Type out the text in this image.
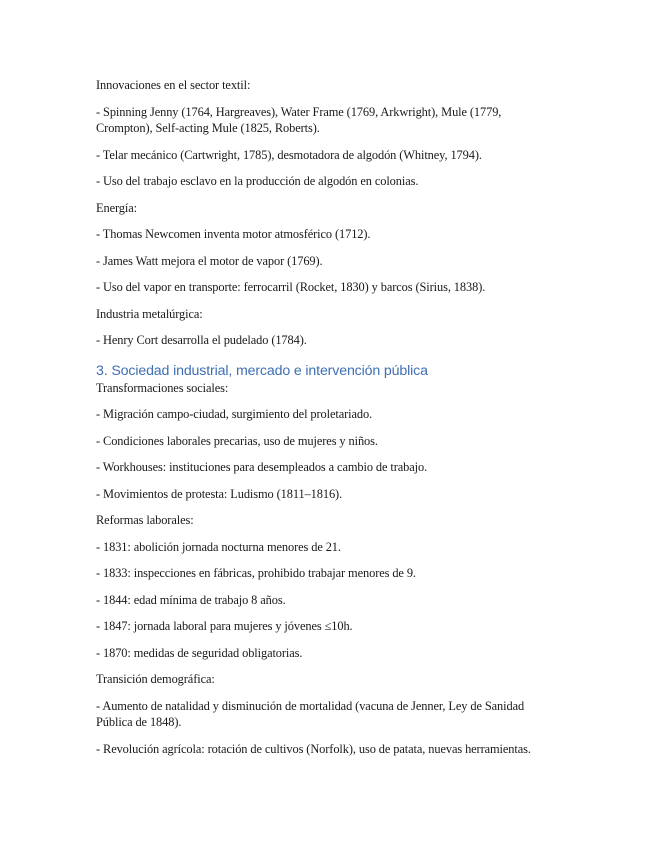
Innovaciones en el sector textil:

- Spinning Jenny (1764, Hargreaves), Water Frame (1769, Arkwright), Mule (1779, Crompton), Self-acting Mule (1825, Roberts).

- Telar mecánico (Cartwright, 1785), desmotadora de algodón (Whitney, 1794).

- Uso del trabajo esclavo en la producción de algodón en colonias.

Energía:

- Thomas Newcomen inventa motor atmosférico (1712).

- James Watt mejora el motor de vapor (1769).

- Uso del vapor en transporte: ferrocarril (Rocket, 1830) y barcos (Sirius, 1838).

Industria metalúrgica:

- Henry Cort desarrolla el pudelado (1784).

3. Sociedad industrial, mercado e intervención pública

Transformaciones sociales:

- Migración campo-ciudad, surgimiento del proletariado.

- Condiciones laborales precarias, uso de mujeres y niños.

- Workhouses: instituciones para desempleados a cambio de trabajo.

- Movimientos de protesta: Ludismo (1811–1816).

Reformas laborales:

- 1831: abolición jornada nocturna menores de 21.

- 1833: inspecciones en fábricas, prohibido trabajar menores de 9.

- 1844: edad mínima de trabajo 8 años.

- 1847: jornada laboral para mujeres y jóvenes ≤10h.

- 1870: medidas de seguridad obligatorias.

Transición demográfica:

- Aumento de natalidad y disminución de mortalidad (vacuna de Jenner, Ley de Sanidad Pública de 1848).

- Revolución agrícola: rotación de cultivos (Norfolk), uso de patata, nuevas herramientas.
